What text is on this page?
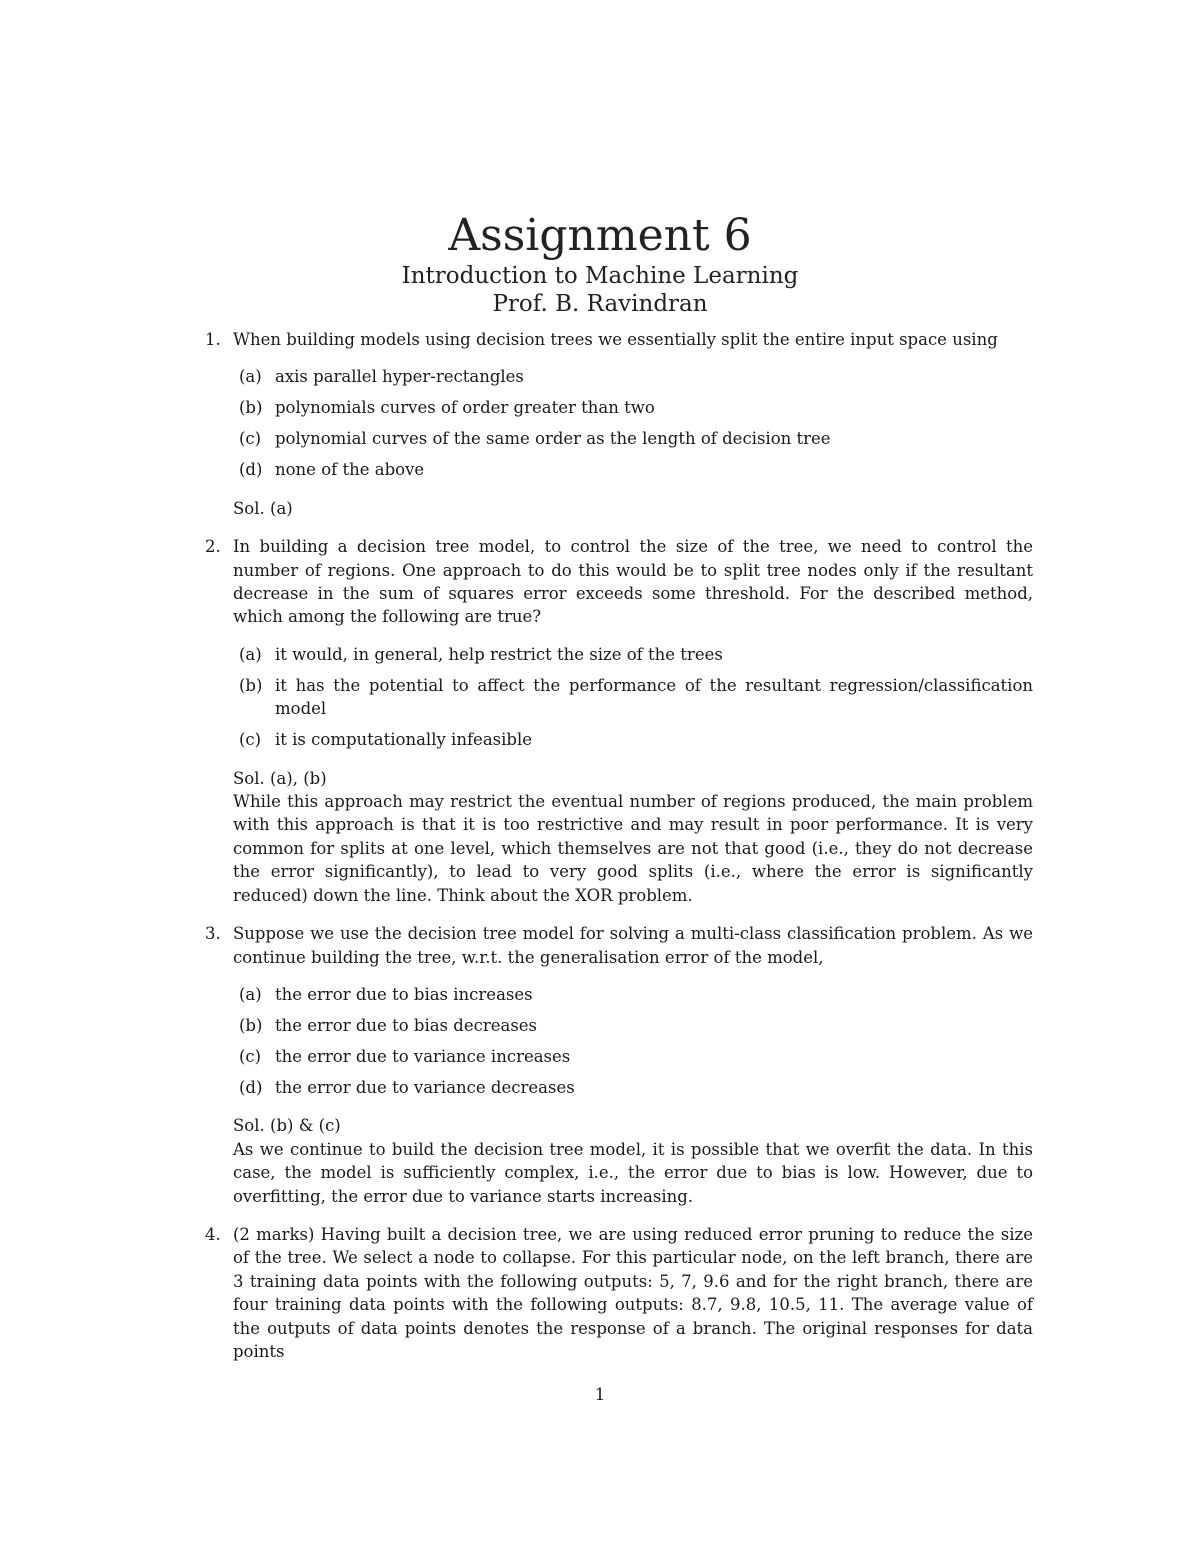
Assignment 6

Introduction to Machine Learning

Prof. B. Ravindran

1. When building models using decision trees we essentially split the entire input space using
(a) axis parallel hyper-rectangles
(b) polynomials curves of order greater than two
(c) polynomial curves of the same order as the length of decision tree
(d) none of the above

Sol. (a)

2. In building a decision tree model, to control the size of the tree, we need to control the number of regions. One approach to do this would be to split tree nodes only if the resultant decrease in the sum of squares error exceeds some threshold. For the described method, which among the following are true?
(a) it would, in general, help restrict the size of the trees
(b) it has the potential to affect the performance of the resultant regression/classification model
(c) it is computationally infeasible

Sol. (a), (b)

While this approach may restrict the eventual number of regions produced, the main problem with this approach is that it is too restrictive and may result in poor performance. It is very common for splits at one level, which themselves are not that good (i.e., they do not decrease the error significantly), to lead to very good splits (i.e., where the error is significantly reduced) down the line. Think about the XOR problem.

3. Suppose we use the decision tree model for solving a multi-class classification problem. As we continue building the tree, w.r.t. the generalisation error of the model,
(a) the error due to bias increases
(b) the error due to bias decreases
(c) the error due to variance increases
(d) the error due to variance decreases

Sol. (b) & (c)

As we continue to build the decision tree model, it is possible that we overfit the data. In this case, the model is sufficiently complex, i.e., the error due to bias is low. However, due to overfitting, the error due to variance starts increasing.

4. (2 marks) Having built a decision tree, we are using reduced error pruning to reduce the size of the tree. We select a node to collapse. For this particular node, on the left branch, there are 3 training data points with the following outputs: 5, 7, 9.6 and for the right branch, there are four training data points with the following outputs: 8.7, 9.8, 10.5, 11. The average value of the outputs of data points denotes the response of a branch. The original responses for data points
1
